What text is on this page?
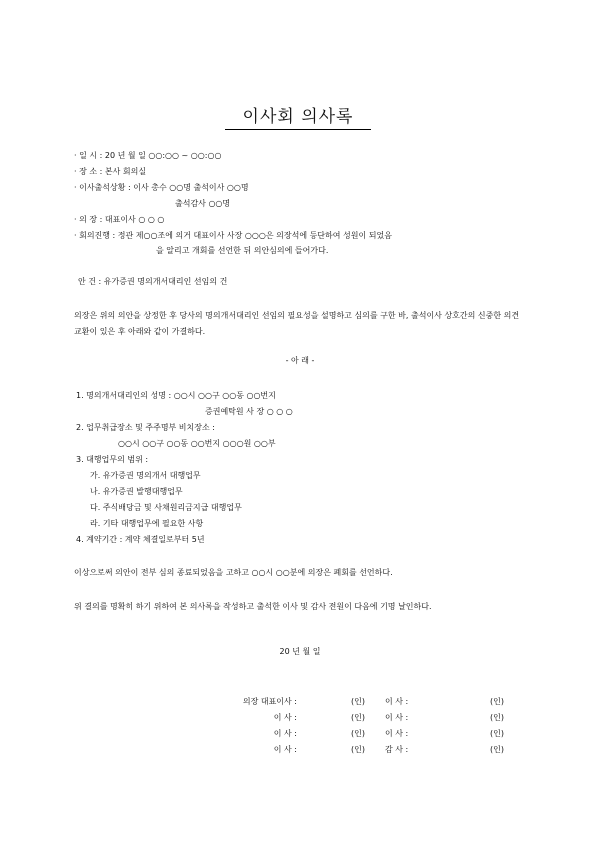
이사회 의사록
· 일 시 : 20 년 월 일 ○○:○○ ~ ○○:○○
· 장 소 : 본사 회의실
· 이사출석상황 : 이사 총수 ○○명 출석이사 ○○명
출석감사 ○○명
· 의 장 : 대표이사 ○ ○ ○
· 회의진행 : 정관 제○○조에 의거 대표이사 사장 ○○○은 의장석에 등단하여 성원이 되었음
을 알리고 개회를 선언한 뒤 의안심의에 들어가다.
안 건 : 유가증권 명의개서대리인 선임의 건
의장은 위의 의안을 상정한 후 당사의 명의개서대리인 선임의 필요성을 설명하고 심의를 구한 바, 출석이사 상호간의 신중한 의견교환이 있은 후 아래와 같이 가결하다.
- 아 래 -
1. 명의개서대리인의 성명 : ○○시 ○○구 ○○동 ○○번지
증권예탁원 사 장 ○ ○ ○
2. 업무취급장소 및 주주명부 비치장소 :
○○시 ○○구 ○○동 ○○번지 ○○○원 ○○부
3. 대행업무의 범위 :
가. 유가증권 명의개서 대행업무
나. 유가증권 발행대행업무
다. 주식배당금 및 사채원리금지급 대행업무
라. 기타 대행업무에 필요한 사항
4. 계약기간 : 계약 체결일로부터 5년
이상으로써 의안이 전부 심의 종료되었음을 고하고 ○○시 ○○분에 의장은 폐회를 선언하다.
위 결의를 명확히 하기 위하여 본 의사록을 작성하고 출석한 이사 및 감사 전원이 다음에 기명 날인하다.
20 년 월 일
의장 대표이사 :	(인)	이 사 :	(인)
이 사 :	(인)	이 사 :	(인)
이 사 :	(인)	이 사 :	(인)
이 사 :	(인)	감 사 :	(인)
